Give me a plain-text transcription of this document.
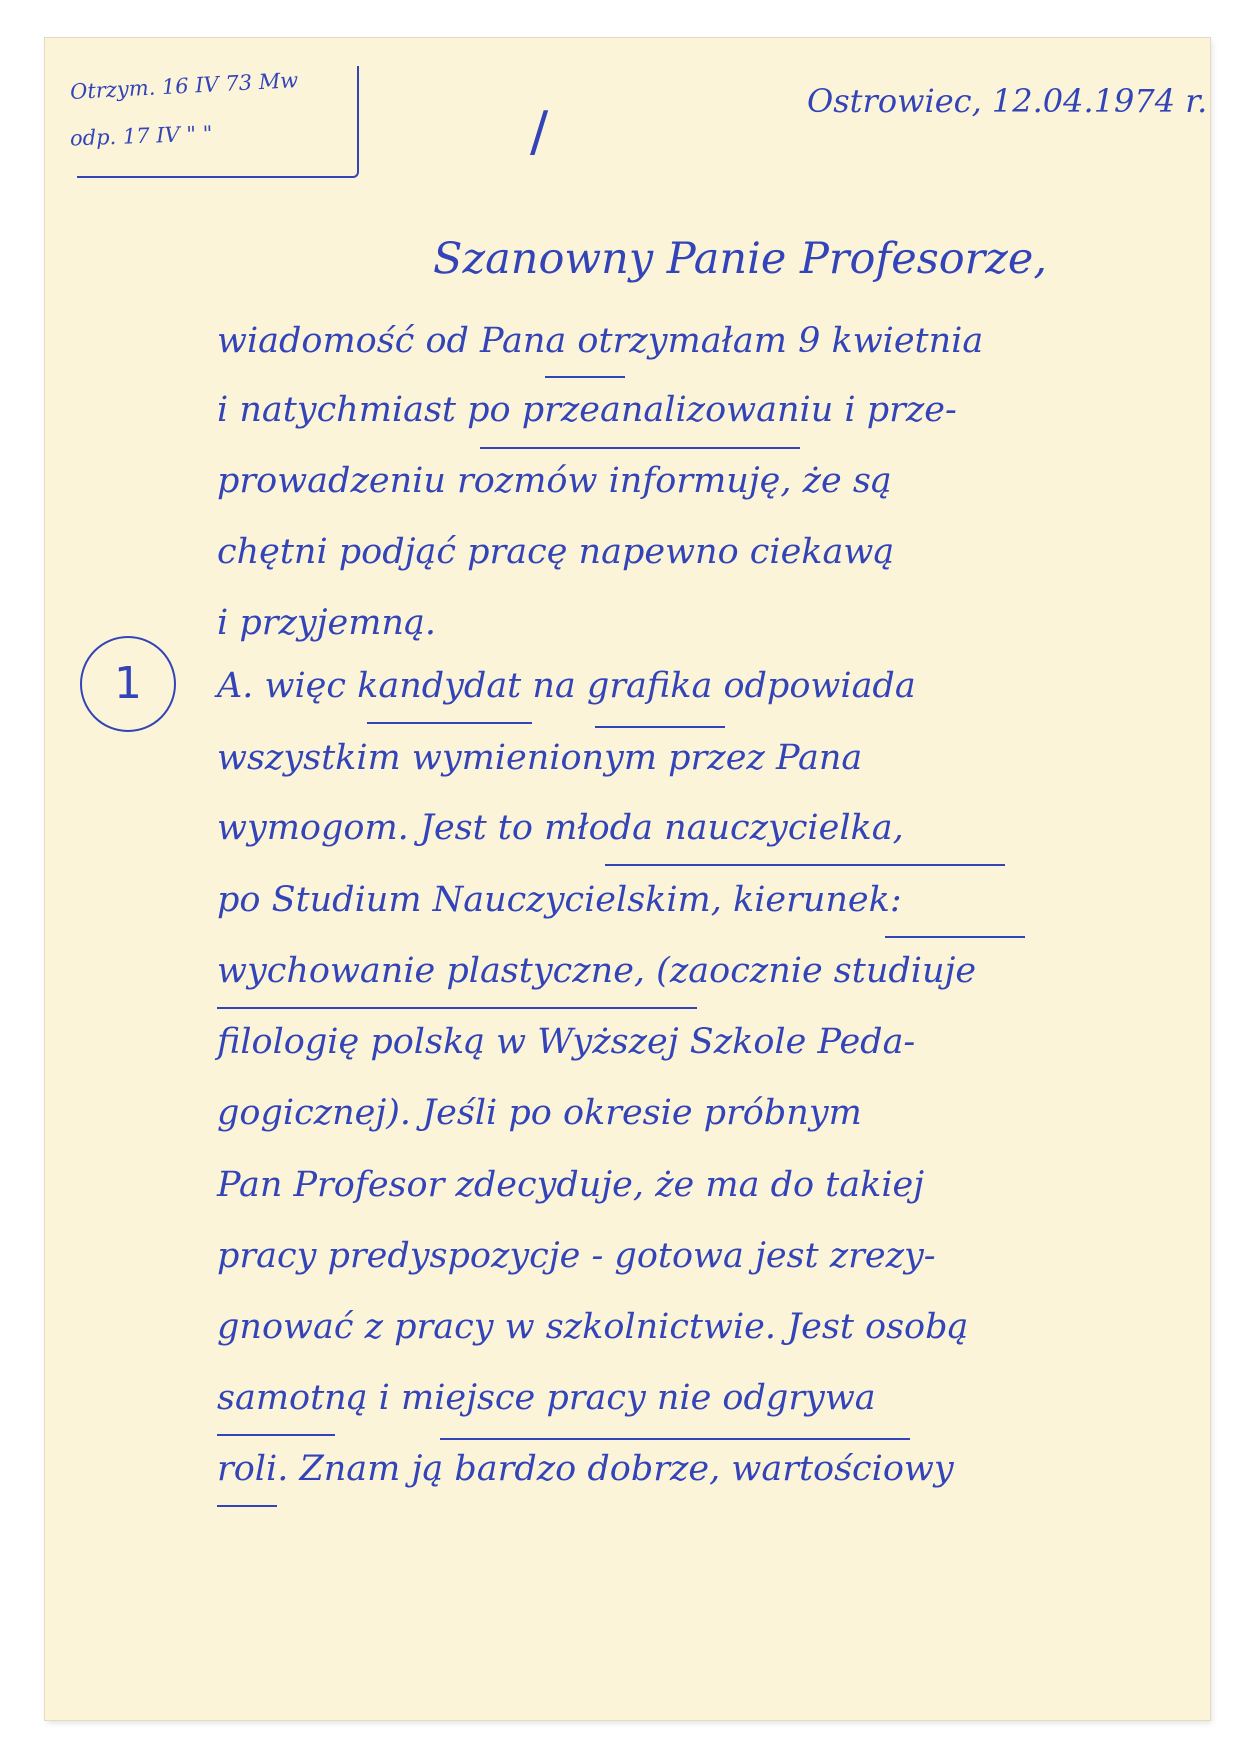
Otrzym. 16 IV 73 Mw
odp. 17 IV " "
Ostrowiec, 12.04.1974 r.
/
Szanowny Panie Profesorze,
wiadomość od Pana otrzymałam 9 kwietnia
i natychmiast po przeanalizowaniu i prze-
prowadzeniu rozmów informuję, że są
chętni podjąć pracę napewno ciekawą
i przyjemną.
A. więc kandydat na grafika odpowiada
wszystkim wymienionym przez Pana
wymogom. Jest to młoda nauczycielka,
po Studium Nauczycielskim, kierunek:
wychowanie plastyczne, (zaocznie studiuje
filologię polską w Wyższej Szkole Peda-
gogicznej). Jeśli po okresie próbnym
Pan Profesor zdecyduje, że ma do takiej
pracy predyspozycje - gotowa jest zrezy-
gnować z pracy w szkolnictwie. Jest osobą
samotną i miejsce pracy nie odgrywa
roli. Znam ją bardzo dobrze, wartościowy
1
